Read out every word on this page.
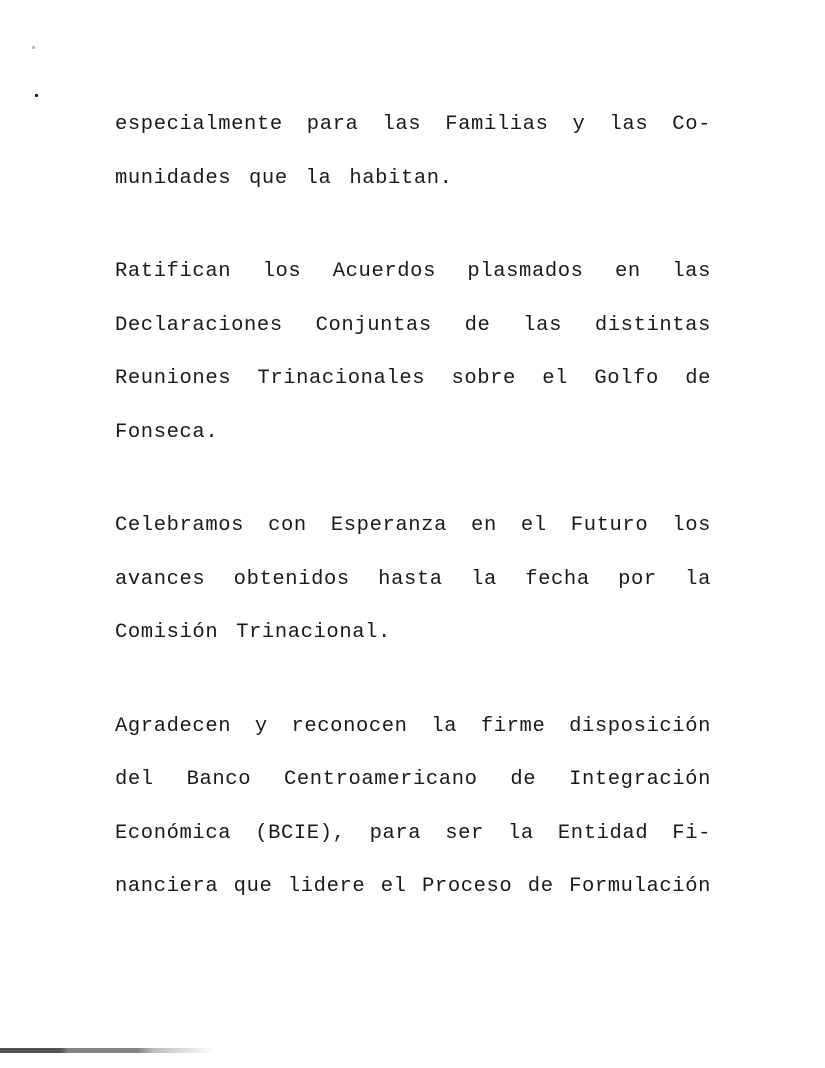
especialmente para las Familias y las Co-
munidades que la habitan.
Ratifican los Acuerdos plasmados en las
Declaraciones Conjuntas de las distintas
Reuniones Trinacionales sobre el Golfo de
Fonseca.
Celebramos con Esperanza en el Futuro los
avances obtenidos hasta la fecha por la
Comisión Trinacional.
Agradecen y reconocen la firme disposición
del Banco Centroamericano de Integración
Económica (BCIE), para ser la Entidad Fi-
nanciera que lidere el Proceso de Formulación
